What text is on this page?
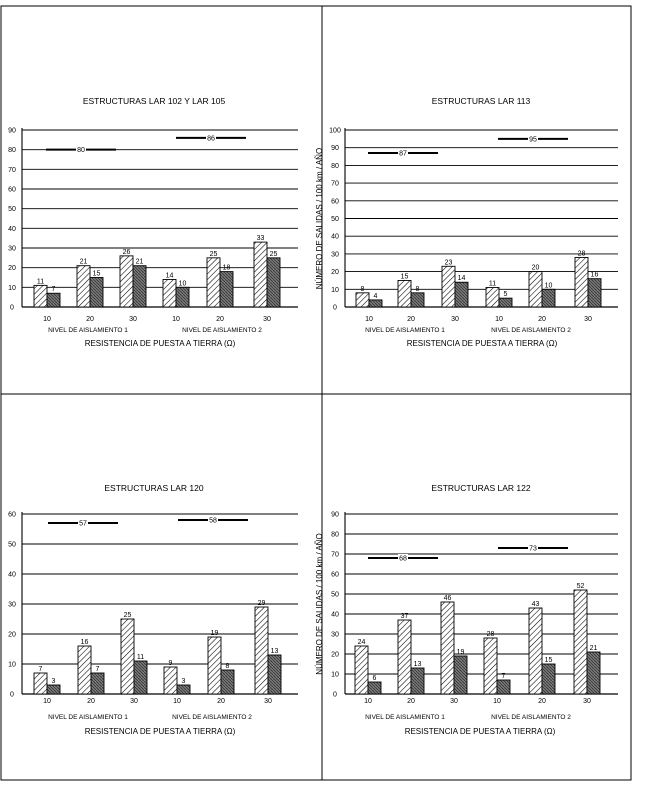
ESTRUCTURAS LAR 102 Y LAR 105
0
10
20
30
40
50
60
70
80
90
11
7
10
21
15
20
26
21
30
14
10
10
25
18
20
33
25
30
80
86
NIVEL DE AISLAMIENTO 1	NIVEL DE AISLAMIENTO 2
RESISTENCIA DE PUESTA A TIERRA (Ω)
ESTRUCTURAS LAR 113
0
10
20
30
40
50
60
70
80
90
100
NÚMERO DE SALIDAS / 100 km / AÑO
8
4
10
15
8
20
23
14
30
11
5
10
20
10
20
28
16
30
87
95
NIVEL DE AISLAMIENTO 1	NIVEL DE AISLAMIENTO 2
RESISTENCIA DE PUESTA A TIERRA (Ω)
ESTRUCTURAS LAR 120
0
10
20
30
40
50
60
7
3
10
16
7
20
25
11
30
9
3
10
19
8
20
29
13
30
57	58
NIVEL DE AISLAMIENTO 1	NIVEL DE AISLAMIENTO 2
RESISTENCIA DE PUESTA A TIERRA (Ω)
ESTRUCTURAS LAR 122
0
10
20
30
40
50
60
70
80
90
NÚMERO DE SALIDAS / 100 km / AÑO	24
6
10
37
13
20
46
19
30
28
7
10
43
15
20
52
21
30
68
73
NIVEL DE AISLAMIENTO 1	NIVEL DE AISLAMIENTO 2
RESISTENCIA DE PUESTA A TIERRA (Ω)
